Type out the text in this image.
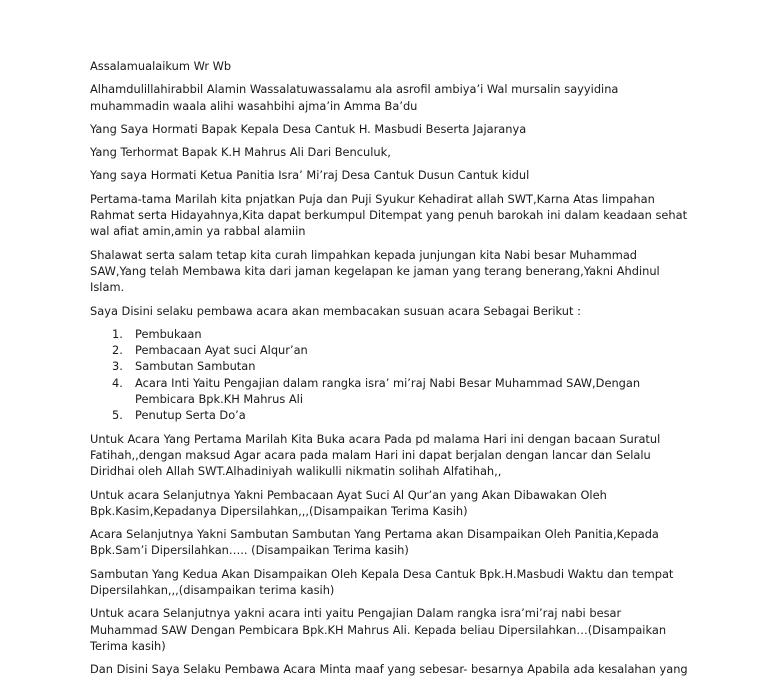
Assalamualaikum Wr Wb

Alhamdulillahirabbil Alamin Wassalatuwassalamu ala asrofil ambiya’i Wal mursalin sayyidina muhammadin waala alihi wasahbihi ajma’in Amma Ba’du

Yang Saya Hormati Bapak Kepala Desa Cantuk H. Masbudi Beserta Jajaranya

Yang Terhormat Bapak K.H Mahrus Ali Dari Benculuk,

Yang saya Hormati Ketua Panitia Isra’ Mi’raj Desa Cantuk Dusun Cantuk kidul

Pertama-tama Marilah kita pnjatkan Puja dan Puji Syukur Kehadirat allah SWT,Karna Atas limpahan Rahmat serta Hidayahnya,Kita dapat berkumpul Ditempat yang penuh barokah ini dalam keadaan sehat wal afiat amin,amin ya rabbal alamiin

Shalawat serta salam tetap kita curah limpahkan kepada junjungan kita Nabi besar Muhammad SAW,Yang telah Membawa kita dari jaman kegelapan ke jaman yang terang benerang,Yakni Ahdinul Islam.

Saya Disini selaku pembawa acara akan membacakan susuan acara Sebagai Berikut :

1. Pembukaan
2. Pembacaan Ayat suci Alqur’an
3. Sambutan Sambutan
4. Acara Inti Yaitu Pengajian dalam rangka isra’ mi’raj Nabi Besar Muhammad SAW,Dengan Pembicara Bpk.KH Mahrus Ali
5. Penutup Serta Do’a

Untuk Acara Yang Pertama Marilah Kita Buka acara Pada pd malama Hari ini dengan bacaan Suratul Fatihah,,dengan maksud Agar acara pada malam Hari ini dapat berjalan dengan lancar dan Selalu Diridhai oleh Allah SWT.Alhadiniyah walikulli nikmatin solihah Alfatihah,,

Untuk acara Selanjutnya Yakni Pembacaan Ayat Suci Al Qur’an yang Akan Dibawakan Oleh Bpk.Kasim,Kepadanya Dipersilahkan,,,(Disampaikan Terima Kasih)

Acara Selanjutnya Yakni Sambutan Sambutan Yang Pertama akan Disampaikan Oleh Panitia,Kepada Bpk.Sam’i Dipersilahkan….. (Disampaikan Terima kasih)

Sambutan Yang Kedua Akan Disampaikan Oleh Kepala Desa Cantuk Bpk.H.Masbudi Waktu dan tempat Dipersilahkan,,,(disampaikan terima kasih)

Untuk acara Selanjutnya yakni acara inti yaitu Pengajian Dalam rangka isra’mi’raj nabi besar Muhammad SAW Dengan Pembicara Bpk.KH Mahrus Ali. Kepada beliau Dipersilahkan…(Disampaikan Terima kasih)

Dan Disini Saya Selaku Pembawa Acara Minta maaf yang sebesar- besarnya Apabila ada kesalahan yang
